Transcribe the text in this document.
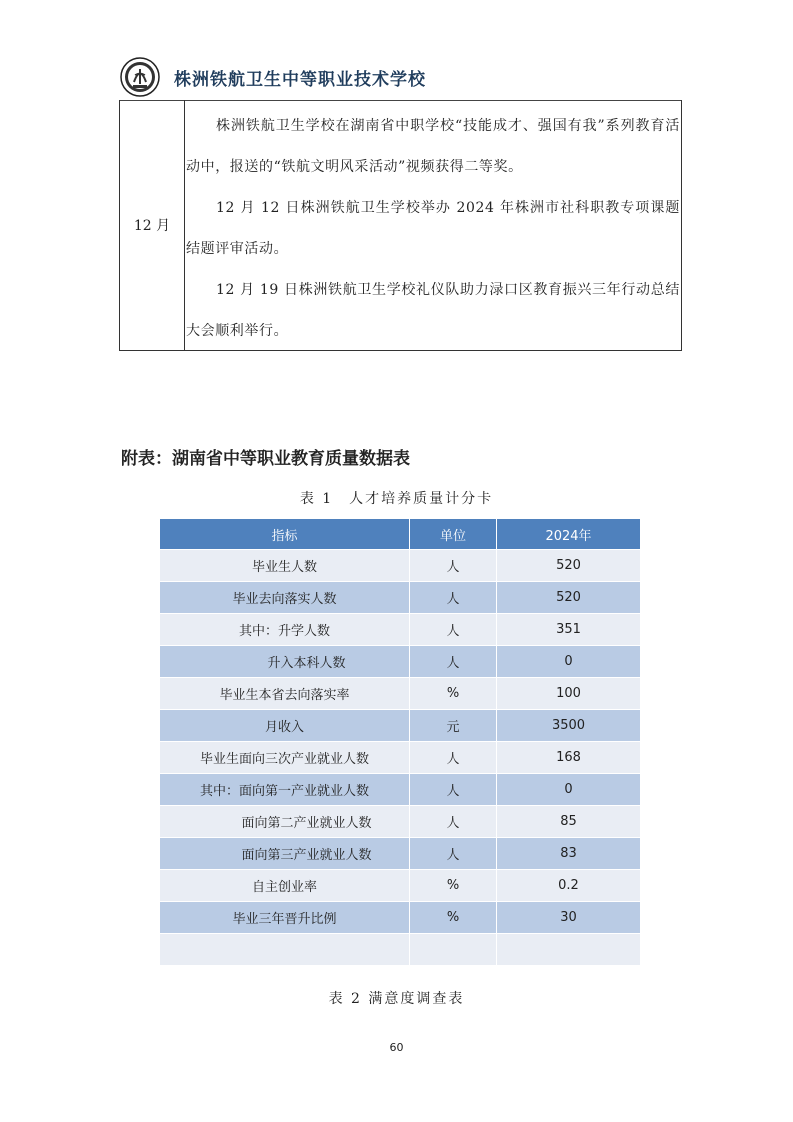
株洲铁航卫生中等职业技术学校
12 月

株洲铁航卫生学校在湖南省中职学校“技能成才、强国有我”系列教育活动中，报送的“铁航文明风采活动”视频获得二等奖。

12 月 12 日株洲铁航卫生学校举办 2024 年株洲市社科职教专项课题结题评审活动。

12 月 19 日株洲铁航卫生学校礼仪队助力渌口区教育振兴三年行动总结大会顺利举行。

附表：湖南省中等职业教育质量数据表
表 1　人才培养质量计分卡
指标	单位	2024年
毕业生人数	人	520
毕业去向落实人数	人	520
其中：升学人数	人	351
升入本科人数	人	0
毕业生本省去向落实率	%	100
月收入	元	3500
毕业生面向三次产业就业人数	人	168
其中：面向第一产业就业人数	人	0
面向第二产业就业人数	人	85
面向第三产业就业人数	人	83
自主创业率	%	0.2
毕业三年晋升比例	%	30

表 2 满意度调查表
60
